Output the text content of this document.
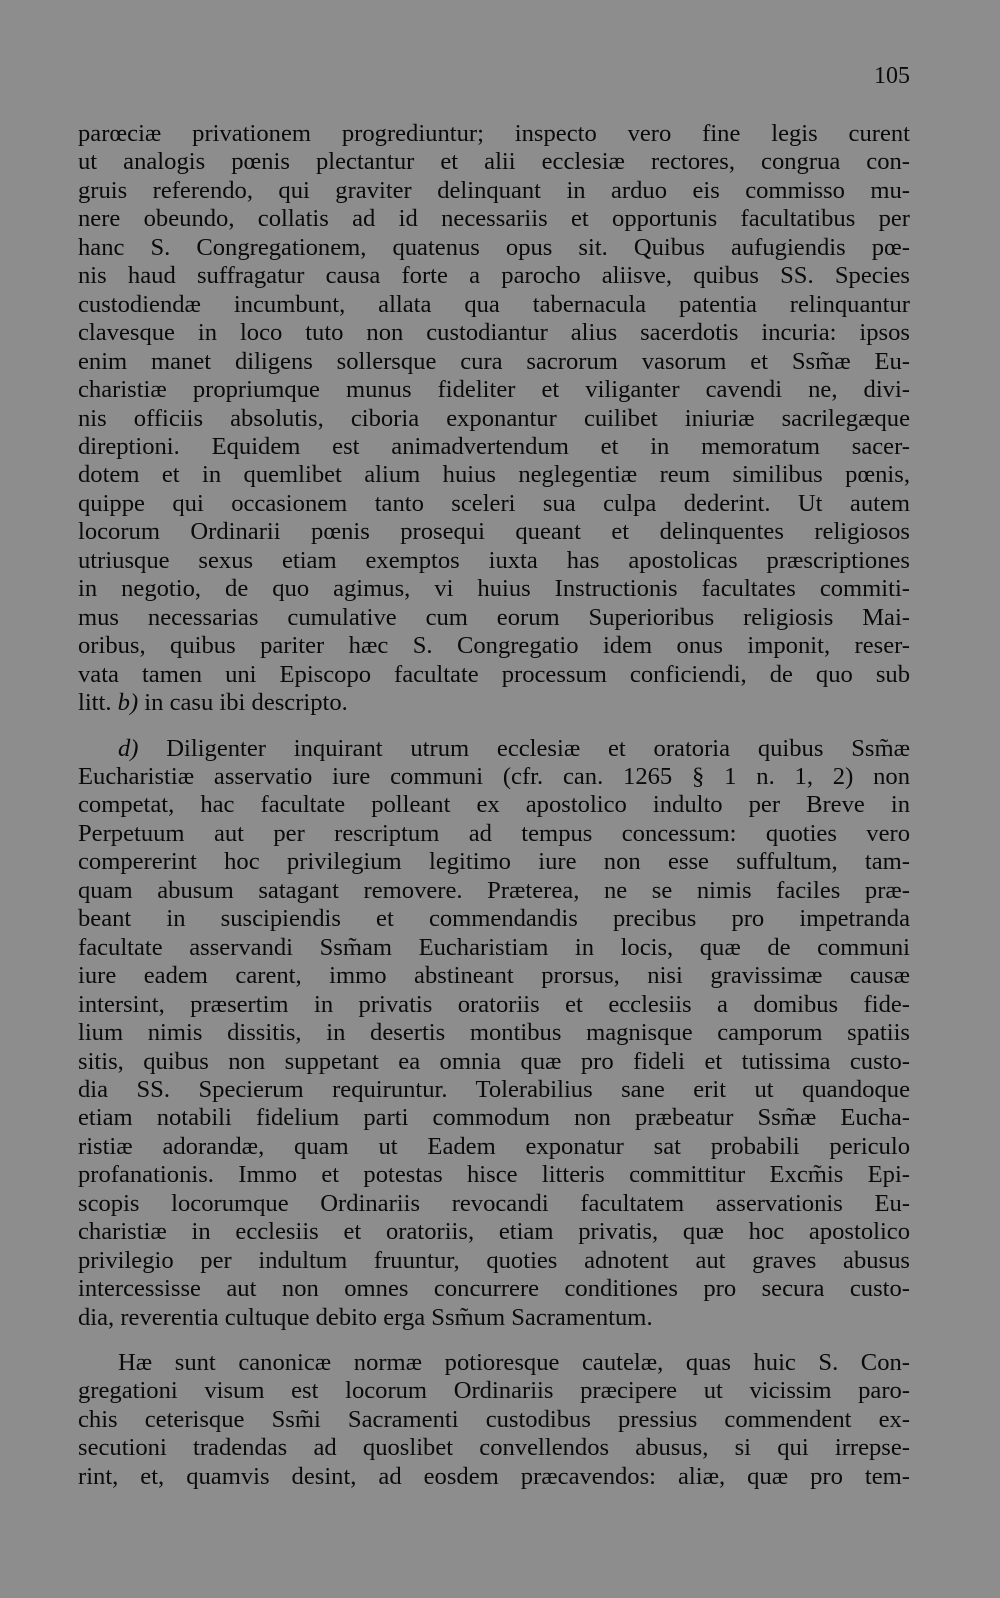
105
parœciæ privationem progrediuntur; inspecto vero fine legis curent
ut analogis pœnis plectantur et alii ecclesiæ rectores, congrua con-
gruis referendo, qui graviter delinquant in arduo eis commisso mu-
nere obeundo, collatis ad id necessariis et opportunis facultatibus per
hanc S. Congregationem, quatenus opus sit. Quibus aufugiendis pœ-
nis haud suffragatur causa forte a parocho aliisve, quibus SS. Species
custodiendæ incumbunt, allata qua tabernacula patentia relinquantur
clavesque in loco tuto non custodiantur alius sacerdotis incuria: ipsos
enim manet diligens sollersque cura sacrorum vasorum et Ssm̃æ Eu-
charistiæ propriumque munus fideliter et viliganter cavendi ne, divi-
nis officiis absolutis, ciboria exponantur cuilibet iniuriæ sacrilegæque
direptioni. Equidem est animadvertendum et in memoratum sacer-
dotem et in quemlibet alium huius neglegentiæ reum similibus pœnis,
quippe qui occasionem tanto sceleri sua culpa dederint. Ut autem
locorum Ordinarii pœnis prosequi queant et delinquentes religiosos
utriusque sexus etiam exemptos iuxta has apostolicas præscriptiones
in negotio, de quo agimus, vi huius Instructionis facultates commiti-
mus necessarias cumulative cum eorum Superioribus religiosis Mai-
oribus, quibus pariter hæc S. Congregatio idem onus imponit, reser-
vata tamen uni Episcopo facultate processum conficiendi, de quo sub
litt. b) in casu ibi descripto.
d) Diligenter inquirant utrum ecclesiæ et oratoria quibus Ssm̃æ
Eucharistiæ asservatio iure communi (cfr. can. 1265 § 1 n. 1, 2) non
competat, hac facultate polleant ex apostolico indulto per Breve in
Perpetuum aut per rescriptum ad tempus concessum: quoties vero
compererint hoc privilegium legitimo iure non esse suffultum, tam-
quam abusum satagant removere. Præterea, ne se nimis faciles præ-
beant in suscipiendis et commendandis precibus pro impetranda
facultate asservandi Ssm̃am Eucharistiam in locis, quæ de communi
iure eadem carent, immo abstineant prorsus, nisi gravissimæ causæ
intersint, præsertim in privatis oratoriis et ecclesiis a domibus fide-
lium nimis dissitis, in desertis montibus magnisque camporum spatiis
sitis, quibus non suppetant ea omnia quæ pro fideli et tutissima custo-
dia SS. Specierum requiruntur. Tolerabilius sane erit ut quandoque
etiam notabili fidelium parti commodum non præbeatur Ssm̃æ Eucha-
ristiæ adorandæ, quam ut Eadem exponatur sat probabili periculo
profanationis. Immo et potestas hisce litteris committitur Excm̃is Epi-
scopis locorumque Ordinariis revocandi facultatem asservationis Eu-
charistiæ in ecclesiis et oratoriis, etiam privatis, quæ hoc apostolico
privilegio per indultum fruuntur, quoties adnotent aut graves abusus
intercessisse aut non omnes concurrere conditiones pro secura custo-
dia, reverentia cultuque debito erga Ssm̃um Sacramentum.
Hæ sunt canonicæ normæ potioresque cautelæ, quas huic S. Con-
gregationi visum est locorum Ordinariis præcipere ut vicissim paro-
chis ceterisque Ssm̃i Sacramenti custodibus pressius commendent ex-
secutioni tradendas ad quoslibet convellendos abusus, si qui irrepse-
rint, et, quamvis desint, ad eosdem præcavendos: aliæ, quæ pro tem-
